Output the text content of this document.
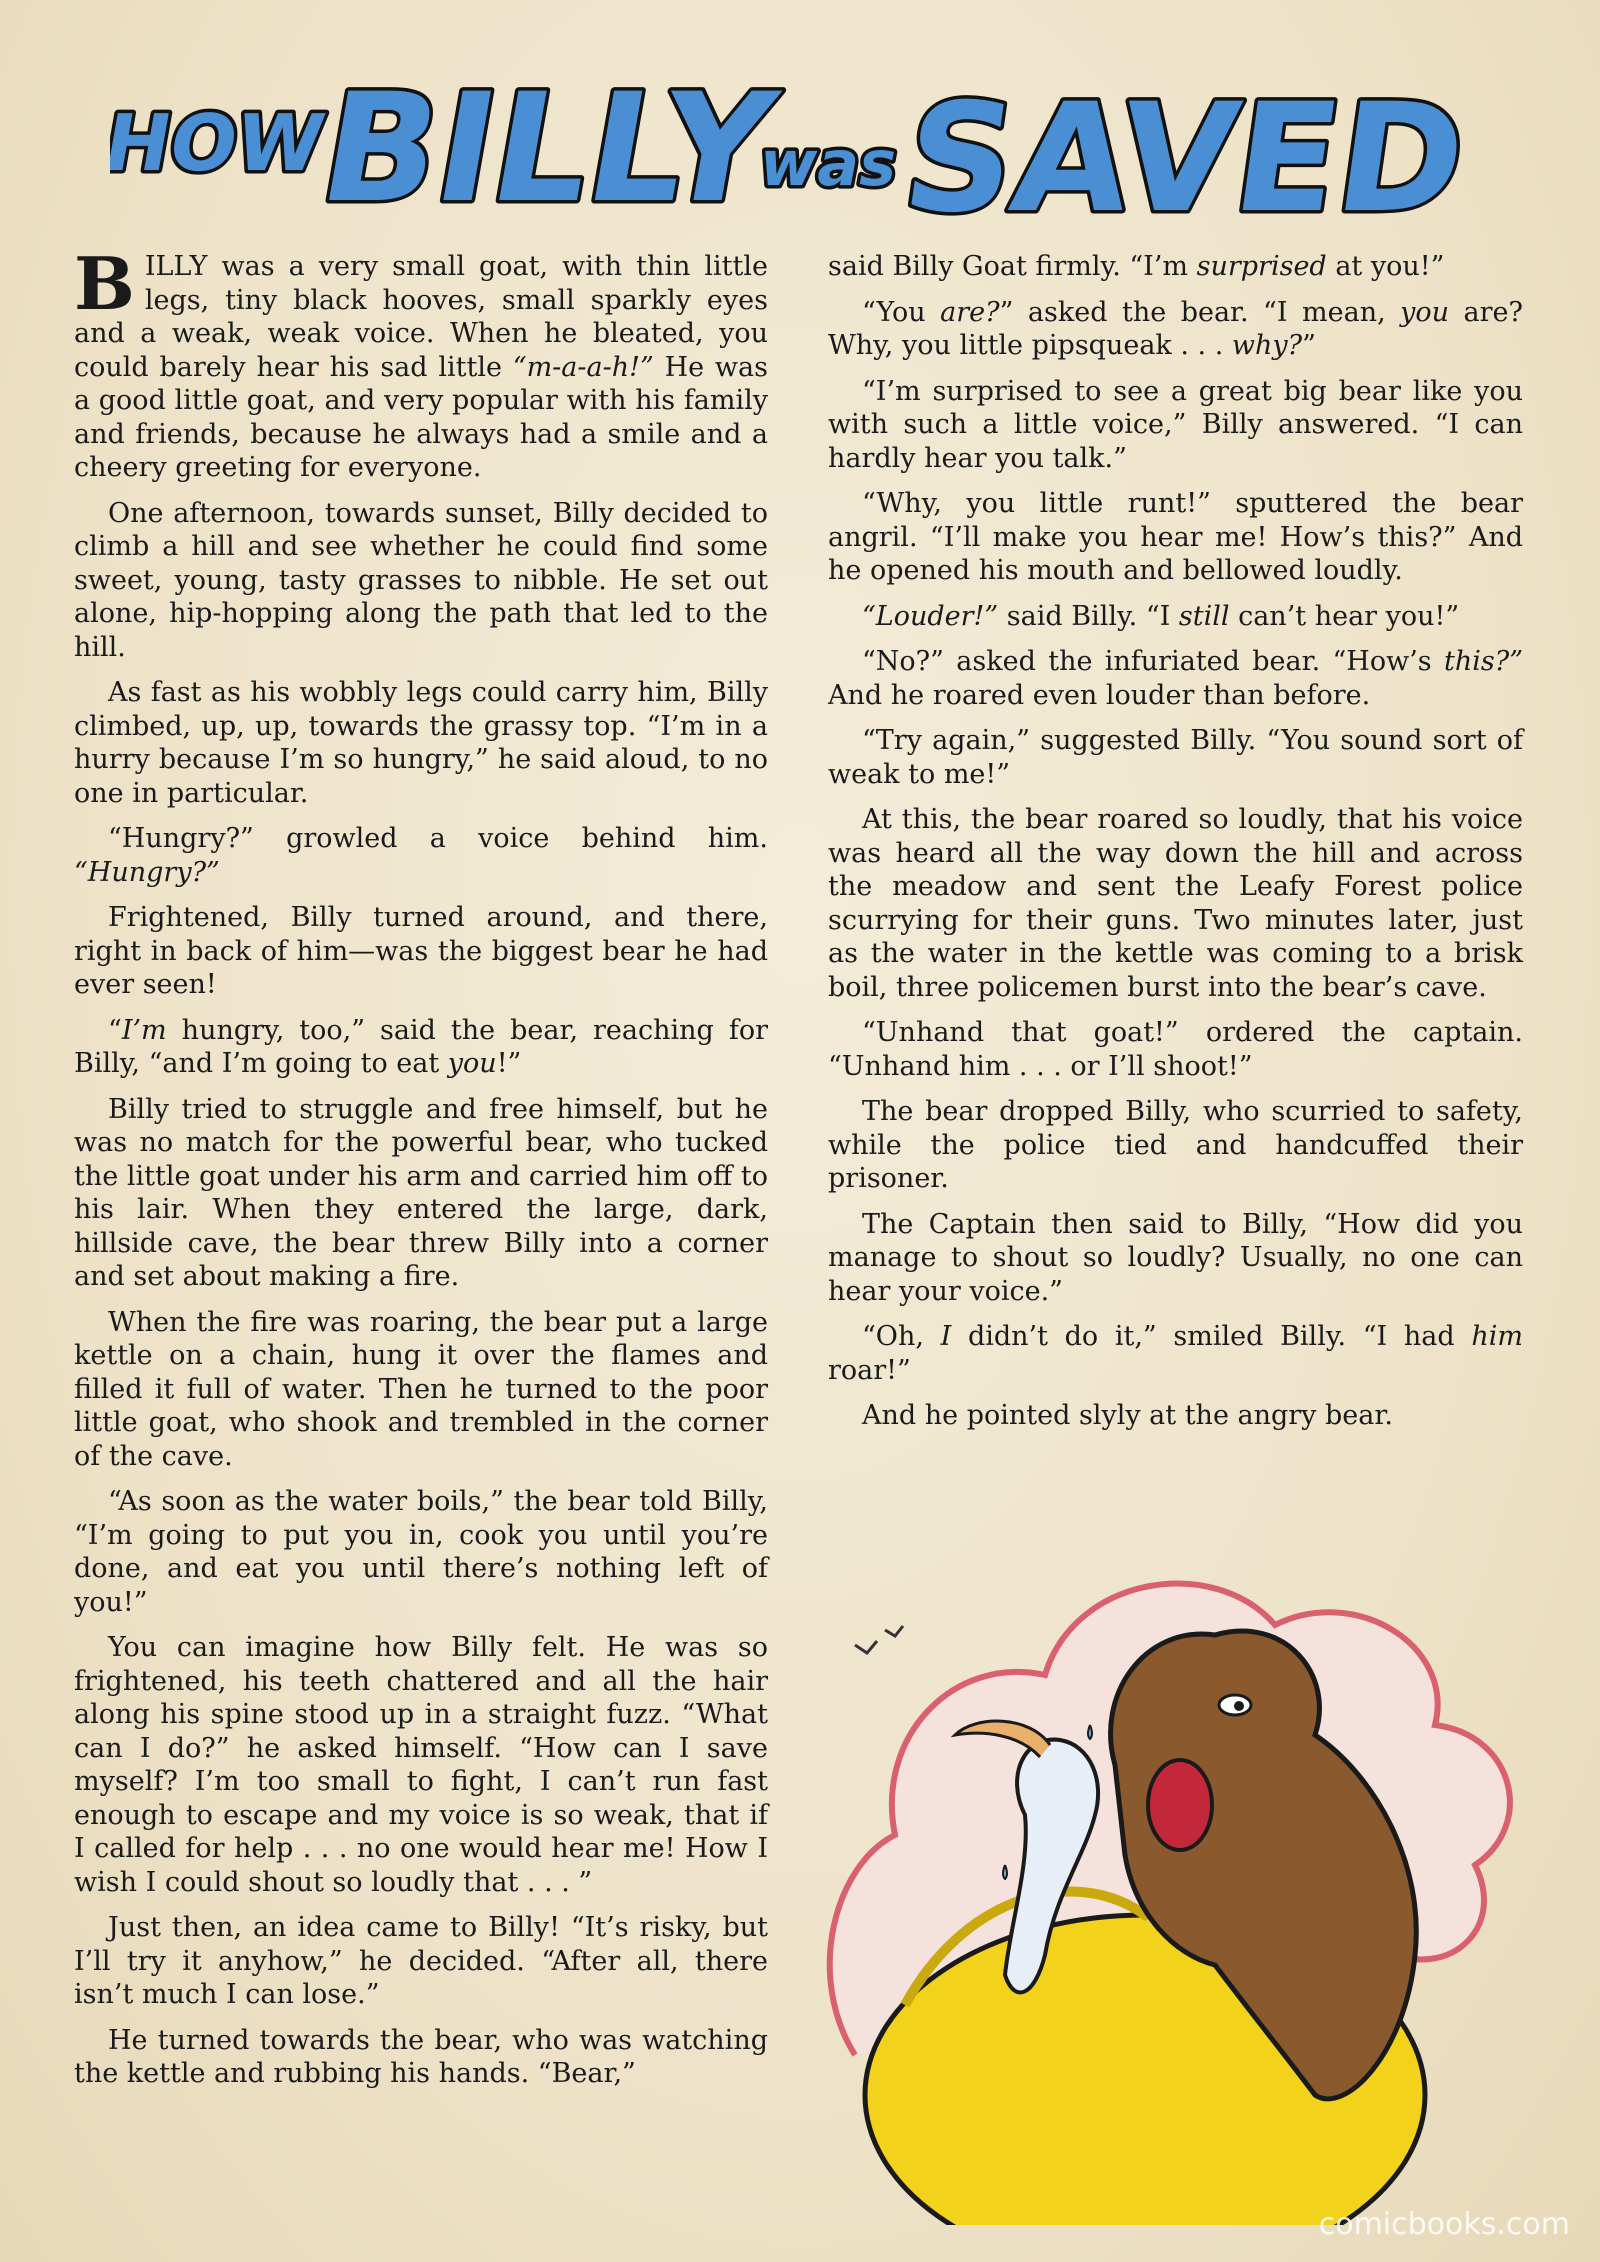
HOW
BILLY
was
SAVED

BILLY was a very small goat, with thin little legs, tiny black hooves, small sparkly eyes and a weak, weak voice. When he bleated, you could barely hear his sad little “m-a-a-h!” He was a good little goat, and very popular with his family and friends, because he always had a smile and a cheery greeting for everyone.

One afternoon, towards sunset, Billy decided to climb a hill and see whether he could find some sweet, young, tasty grasses to nibble. He set out alone, hip-hopping along the path that led to the hill.

As fast as his wobbly legs could carry him, Billy climbed, up, up, towards the grassy top. “I’m in a hurry because I’m so hungry,” he said aloud, to no one in particular.

“Hungry?” growled a voice behind him. “Hungry?”

Frightened, Billy turned around, and there, right in back of him—was the biggest bear he had ever seen!

“I’m hungry, too,” said the bear, reaching for Billy, “and I’m going to eat you!”

Billy tried to struggle and free himself, but he was no match for the powerful bear, who tucked the little goat under his arm and carried him off to his lair. When they entered the large, dark, hillside cave, the bear threw Billy into a corner and set about making a fire.

When the fire was roaring, the bear put a large kettle on a chain, hung it over the flames and filled it full of water. Then he turned to the poor little goat, who shook and trembled in the corner of the cave.

“As soon as the water boils,” the bear told Billy, “I’m going to put you in, cook you until you’re done, and eat you until there’s nothing left of you!”

You can imagine how Billy felt. He was so frightened, his teeth chattered and all the hair along his spine stood up in a straight fuzz. “What can I do?” he asked himself. “How can I save myself? I’m too small to fight, I can’t run fast enough to escape and my voice is so weak, that if I called for help . . . no one would hear me! How I wish I could shout so loudly that . . . ”

Just then, an idea came to Billy! “It’s risky, but I’ll try it anyhow,” he decided. “After all, there isn’t much I can lose.”

He turned towards the bear, who was watching the kettle and rubbing his hands. “Bear,”

said Billy Goat firmly. “I’m surprised at you!”

“You are?” asked the bear. “I mean, you are? Why, you little pipsqueak . . . why?”

“I’m surprised to see a great big bear like you with such a little voice,” Billy answered. “I can hardly hear you talk.”

“Why, you little runt!” sputtered the bear angril. “I’ll make you hear me! How’s this?” And he opened his mouth and bellowed loudly.

“Louder!” said Billy. “I still can’t hear you!”

“No?” asked the infuriated bear. “How’s this?” And he roared even louder than before.

“Try again,” suggested Billy. “You sound sort of weak to me!”

At this, the bear roared so loudly, that his voice was heard all the way down the hill and across the meadow and sent the Leafy Forest police scurrying for their guns. Two minutes later, just as the water in the kettle was coming to a brisk boil, three policemen burst into the bear’s cave.

“Unhand that goat!” ordered the captain. “Unhand him . . . or I’ll shoot!”

The bear dropped Billy, who scurried to safety, while the police tied and handcuffed their prisoner.

The Captain then said to Billy, “How did you manage to shout so loudly? Usually, no one can hear your voice.”

“Oh, I didn’t do it,” smiled Billy. “I had him roar!”

And he pointed slyly at the angry bear.

comicbooks.com
